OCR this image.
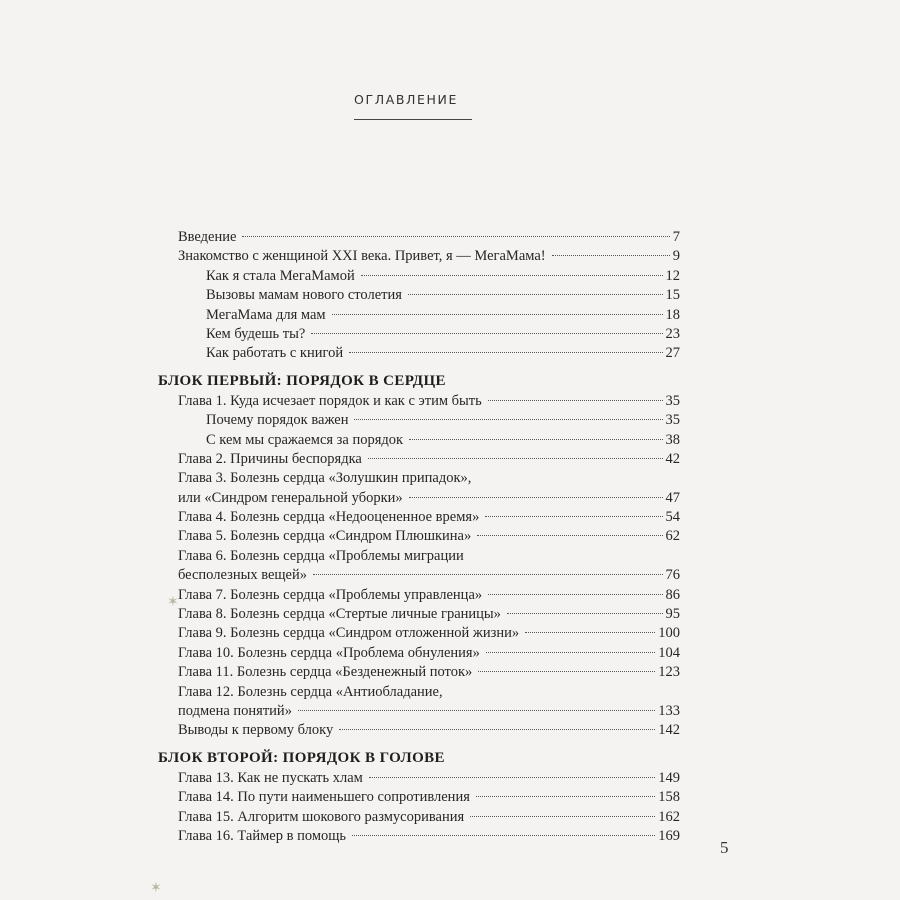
ОГЛАВЛЕНИЕ
Введение	7
Знакомство с женщиной XXI века. Привет, я — МегаМама!	9
Как я стала МегаМамой	12
Вызовы мамам нового столетия	15
МегаМама для мам	18
Кем будешь ты?	23
Как работать с книгой	27
БЛОК ПЕРВЫЙ: ПОРЯДОК В СЕРДЦЕ
Глава 1. Куда исчезает порядок и как с этим быть	35
Почему порядок важен	35
С кем мы сражаемся за порядок	38
Глава 2. Причины беспорядка	42
Глава 3. Болезнь сердца «Золушкин припадок»,
или «Синдром генеральной уборки»	47
Глава 4. Болезнь сердца «Недооцененное время»	54
Глава 5. Болезнь сердца «Синдром Плюшкина»	62
Глава 6. Болезнь сердца «Проблемы миграции
бесполезных вещей»	76
Глава 7. Болезнь сердца «Проблемы управленца»	86
Глава 8. Болезнь сердца «Стертые личные границы»	95
Глава 9. Болезнь сердца «Синдром отложенной жизни»	100
Глава 10. Болезнь сердца «Проблема обнуления»	104
Глава 11. Болезнь сердца «Безденежный поток»	123
Глава 12. Болезнь сердца «Антиобладание,
подмена понятий»	133
Выводы к первому блоку	142
БЛОК ВТОРОЙ: ПОРЯДОК В ГОЛОВЕ
Глава 13. Как не пускать хлам	149
Глава 14. По пути наименьшего сопротивления	158
Глава 15. Алгоритм шокового размусоривания	162
Глава 16. Таймер в помощь	169
5
✶
✶
